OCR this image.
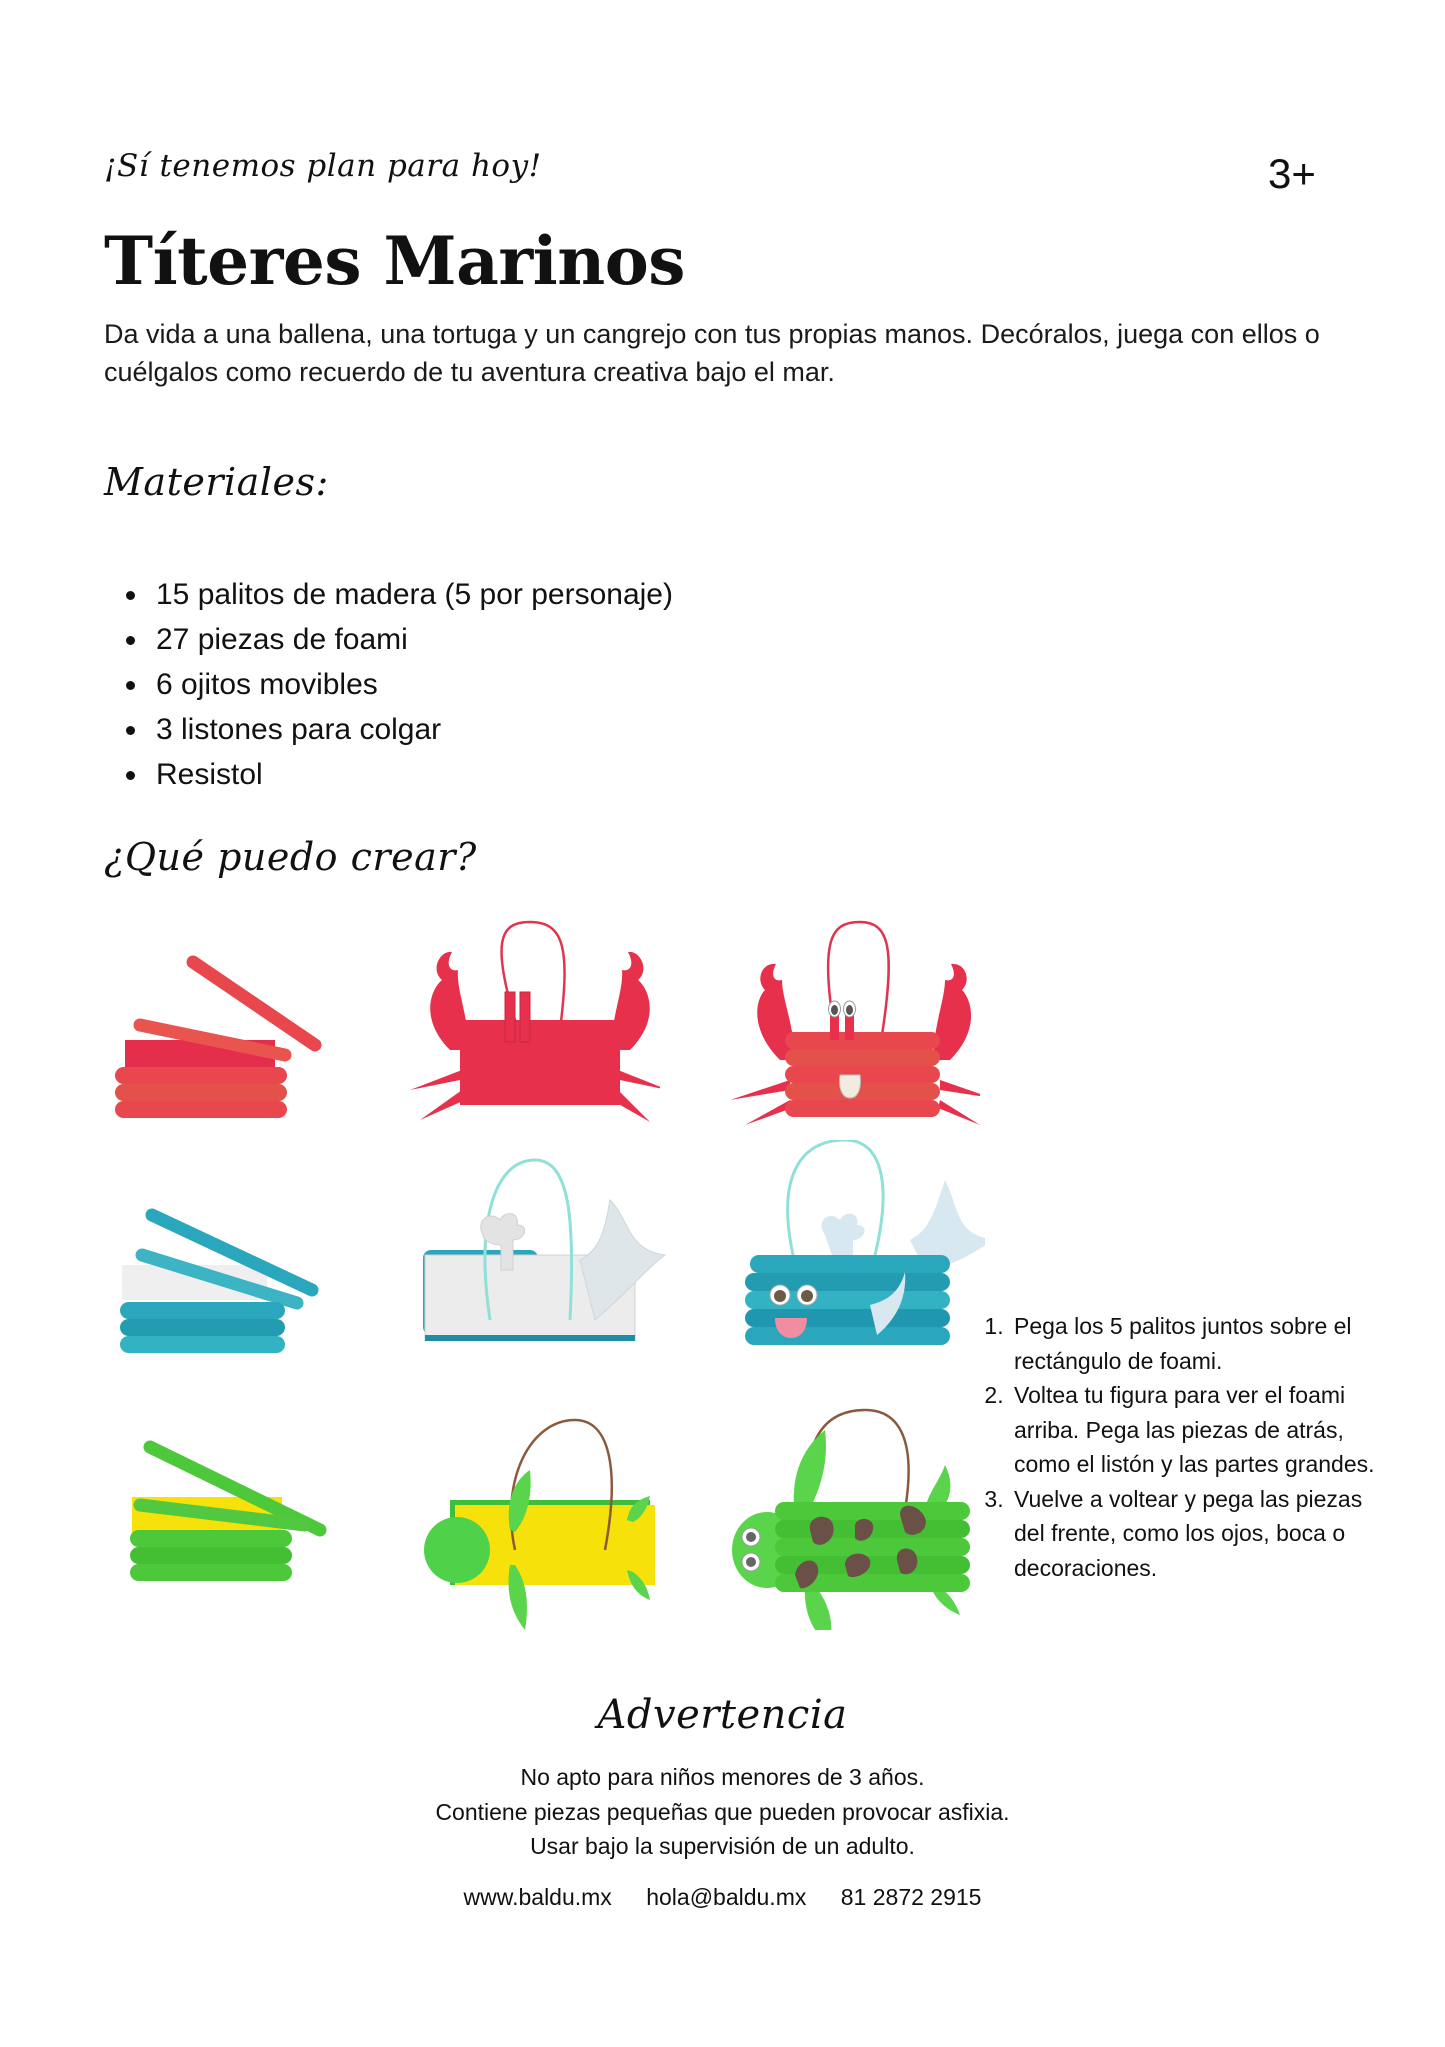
¡Sí tenemos plan para hoy!	3+
Títeres Marinos

Da vida a una ballena, una tortuga y un cangrejo con tus propias manos. Decóralos, juega con ellos o cuélgalos como recuerdo de tu aventura creativa bajo el mar.

Materiales:
• 15 palitos de madera (5 por personaje)
• 27 piezas de foami
• 6 ojitos movibles
• 3 listones para colgar
• Resistol
¿Qué puedo crear?
1. Pega los 5 palitos juntos sobre el rectángulo de foami.
2. Voltea tu figura para ver el foami arriba. Pega las piezas de atrás, como el listón y las partes grandes.
3. Vuelve a voltear y pega las piezas del frente, como los ojos, boca o decoraciones.
Advertencia
No apto para niños menores de 3 años.
Contiene piezas pequeñas que pueden provocar asfixia.
Usar bajo la supervisión de un adulto.
www.baldu.mx hola@baldu.mx 81 2872 2915
